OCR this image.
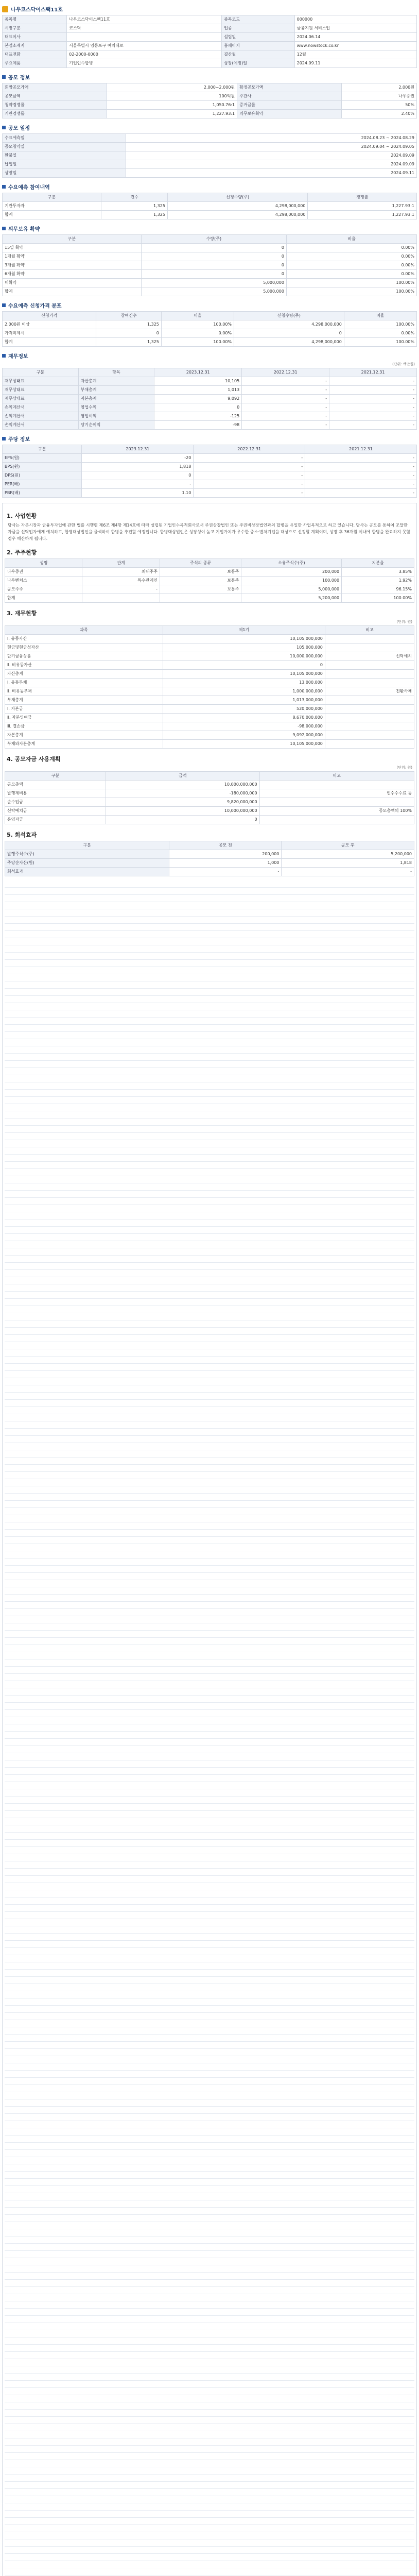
나우코스닥이스팩11호
종목명	나우코스닥이스팩11호	종목코드	000000
시장구분	코스닥	업종	금융지원 서비스업
대표이사		설립일	2024.06.14
본점소재지	서울특별시 영등포구 여의대로	홈페이지	www.nowstock.co.kr
대표전화	02-2000-0000	결산월	12월
주요제품	기업인수합병	상장(예정)일	2024.09.11
공모 정보
희망공모가액	2,000~2,000원	확정공모가액	2,000원
공모금액	100억원	주관사	나우증권
청약경쟁률	1,050.76:1	증거금률	50%
기관경쟁률	1,227.93:1	의무보유확약	2.40%
공모 일정
수요예측일	2024.08.23 ~ 2024.08.29
공모청약일	2024.09.04 ~ 2024.09.05
환불일	2024.09.09
납입일	2024.09.09
상장일	2024.09.11
수요예측 참여내역
구분	건수	신청수량(주)	경쟁률
기관투자자	1,325	4,298,000,000	1,227.93:1
합계	1,325	4,298,000,000	1,227.93:1
의무보유 확약
구분	수량(주)	비율
15일 확약	0	0.00%
1개월 확약	0	0.00%
3개월 확약	0	0.00%
6개월 확약	0	0.00%
미확약	5,000,000	100.00%
합계	5,000,000	100.00%
수요예측 신청가격 분포
신청가격	참여건수	비율	신청수량(주)	비율
2,000원 이상	1,325	100.00%	4,298,000,000	100.00%
가격미제시	0	0.00%	0	0.00%
합계	1,325	100.00%	4,298,000,000	100.00%
재무정보
(단위: 백만원)
구분	항목	2023.12.31	2022.12.31	2021.12.31
재무상태표	자산총계	10,105	-	-
재무상태표	부채총계	1,013	-	-
재무상태표	자본총계	9,092	-	-
손익계산서	영업수익	0	-	-
손익계산서	영업이익	-125	-	-
손익계산서	당기순이익	-98	-	-
주당 정보
구분	2023.12.31	2022.12.31	2021.12.31
EPS(원)	-20	-	-
BPS(원)	1,818	-	-
DPS(원)	0	-	-
PER(배)	-	-	-
PBR(배)	1.10	-	-
1. 사업현황
당사는 자본시장과 금융투자업에 관한 법률 시행령 제6조 제4항 제14호에 따라 설립된 기업인수목적회사로서 주권상장법인 또는 주권비상장법인과의 합병을 유일한 사업목적으로 하고 있습니다. 당사는 공모를 통하여 조달한 자금을 신탁업자에게 예치하고, 합병대상법인을 물색하여 합병을 추진할 예정입니다. 합병대상법인은 성장성이 높고 기업가치가 우수한 중소·벤처기업을 대상으로 선정할 계획이며, 상장 후 36개월 이내에 합병을 완료하지 못할 경우 해산하게 됩니다.
2. 주주현황
성명	관계	주식의 종류	소유주식수(주)	지분율
나우증권	최대주주	보통주	200,000	3.85%
나우벤처스	특수관계인	보통주	100,000	1.92%
공모주주	-	보통주	5,000,000	96.15%
합계			5,200,000	100.00%
3. 재무현황
(단위: 원)
과목	제1기	비고
Ⅰ. 유동자산	10,105,000,000	
현금및현금성자산	105,000,000	
단기금융상품	10,000,000,000	신탁예치
Ⅱ. 비유동자산	0	
자산총계	10,105,000,000	
Ⅰ. 유동부채	13,000,000	
Ⅱ. 비유동부채	1,000,000,000	전환사채
부채총계	1,013,000,000	
Ⅰ. 자본금	520,000,000	
Ⅱ. 자본잉여금	8,670,000,000	
Ⅲ. 결손금	-98,000,000	
자본총계	9,092,000,000	
부채와자본총계	10,105,000,000	
4. 공모자금 사용계획
(단위: 원)
구분	금액	비고
공모총액	10,000,000,000	
발행제비용	-180,000,000	인수수수료 등
순수입금	9,820,000,000	
신탁예치금	10,000,000,000	공모총액의 100%
운영자금	0	
5. 희석효과
구분	공모 전	공모 후
발행주식수(주)	200,000	5,200,000
주당순자산(원)	1,000	1,818
희석효과	-	-
